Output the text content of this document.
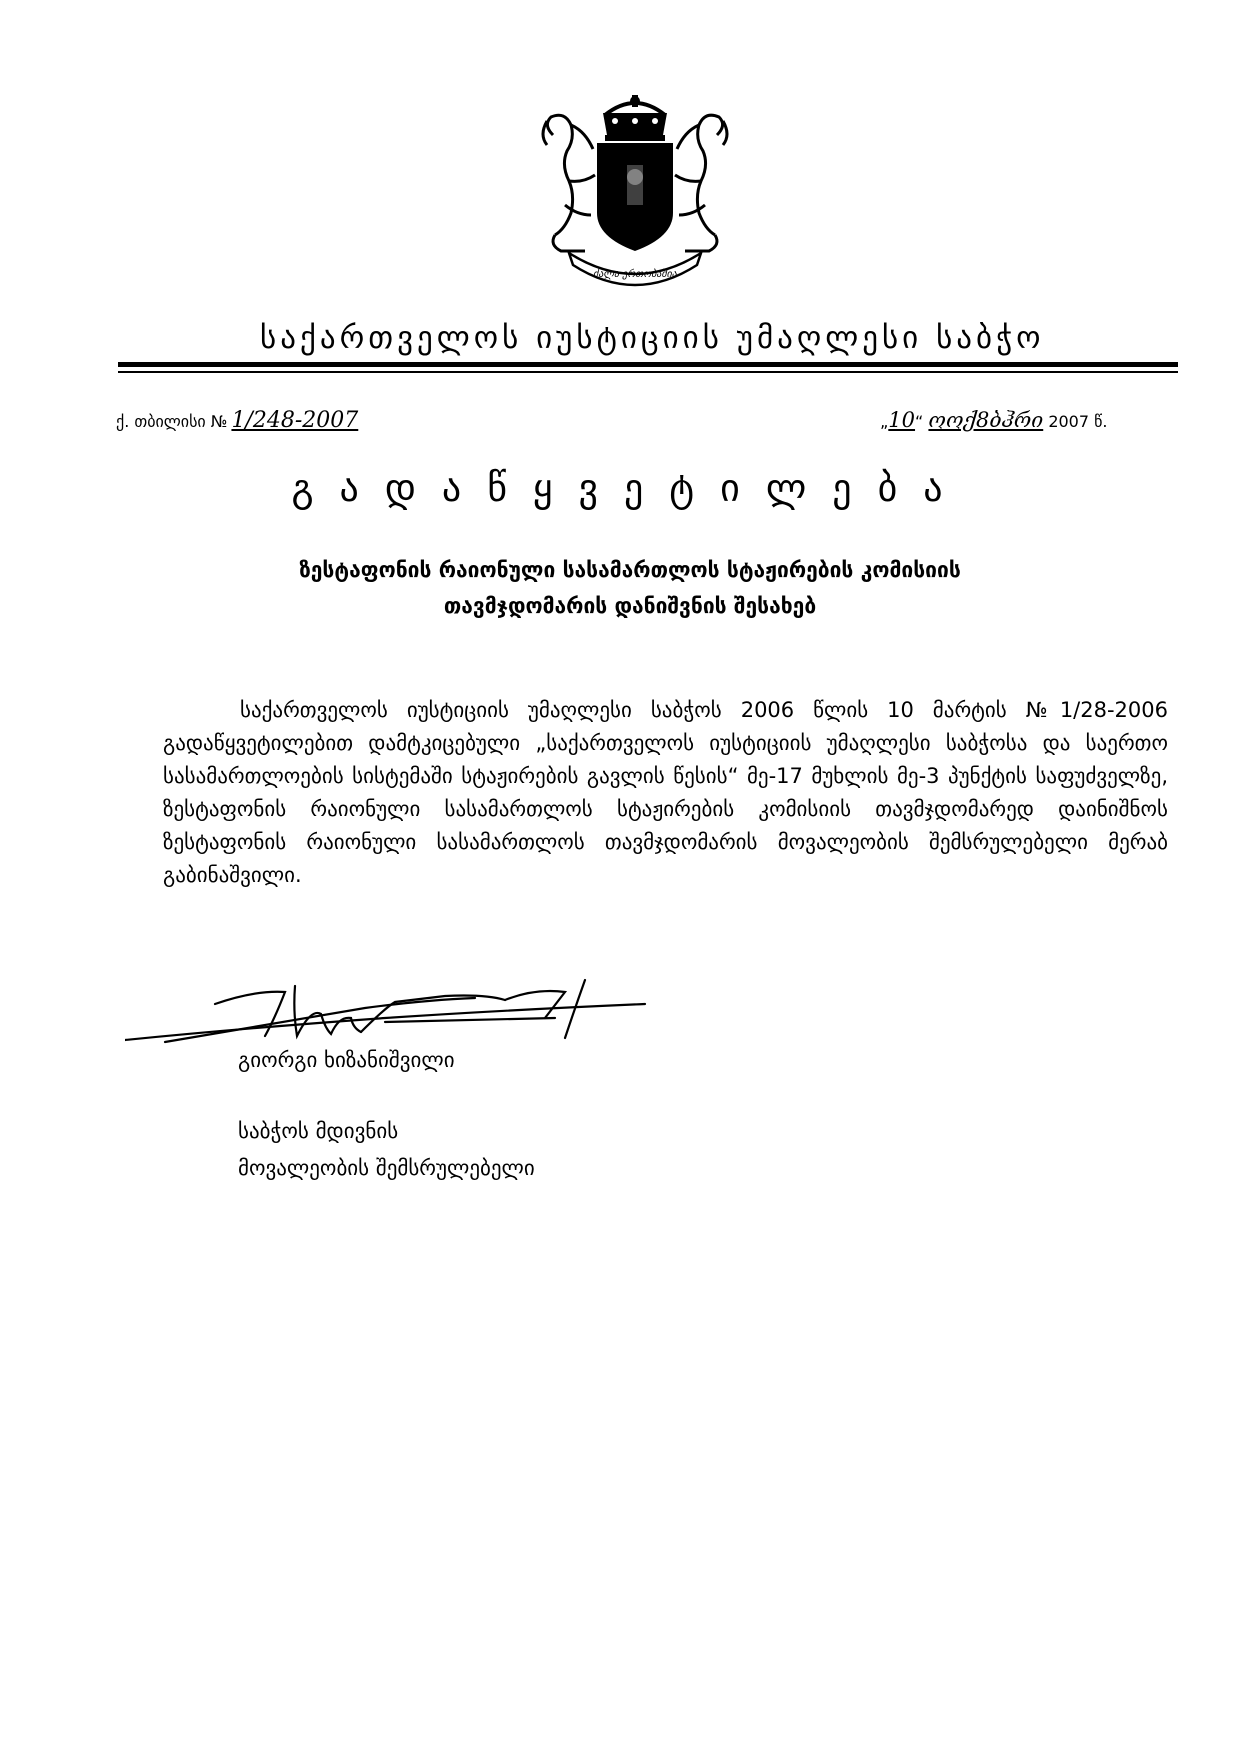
ძალა ერთობაშია
საქართველოს იუსტიციის უმაღლესი საბჭო
ქ. თბილისი № 1/248-2007	„10“ ოოქ8ბჰრი 2007 წ.
გადაწყვეტილება
ზესტაფონის რაიონული სასამართლოს სტაჟირების კომისიის
თავმჯდომარის დანიშვნის შესახებ

საქართველოს იუსტიციის უმაღლესი საბჭოს 2006 წლის 10 მარტის №1/28-2006 გადაწყვეტილებით დამტკიცებული „საქართველოს იუსტიციის უმაღლესი საბჭოსა და საერთო სასამართლოების სისტემაში სტაჟირების გავლის წესის“ მე-17 მუხლის მე-3 პუნქტის საფუძველზე, ზესტაფონის რაიონული სასამართლოს სტაჟირების კომისიის თავმჯდომარედ დაინიშნოს ზესტაფონის რაიონული სასამართლოს თავმჯდომარის მოვალეობის შემსრულებელი მერაბ გაბინაშვილი.

გიორგი ხიზანიშვილი
საბჭოს მდივნის
მოვალეობის შემსრულებელი
